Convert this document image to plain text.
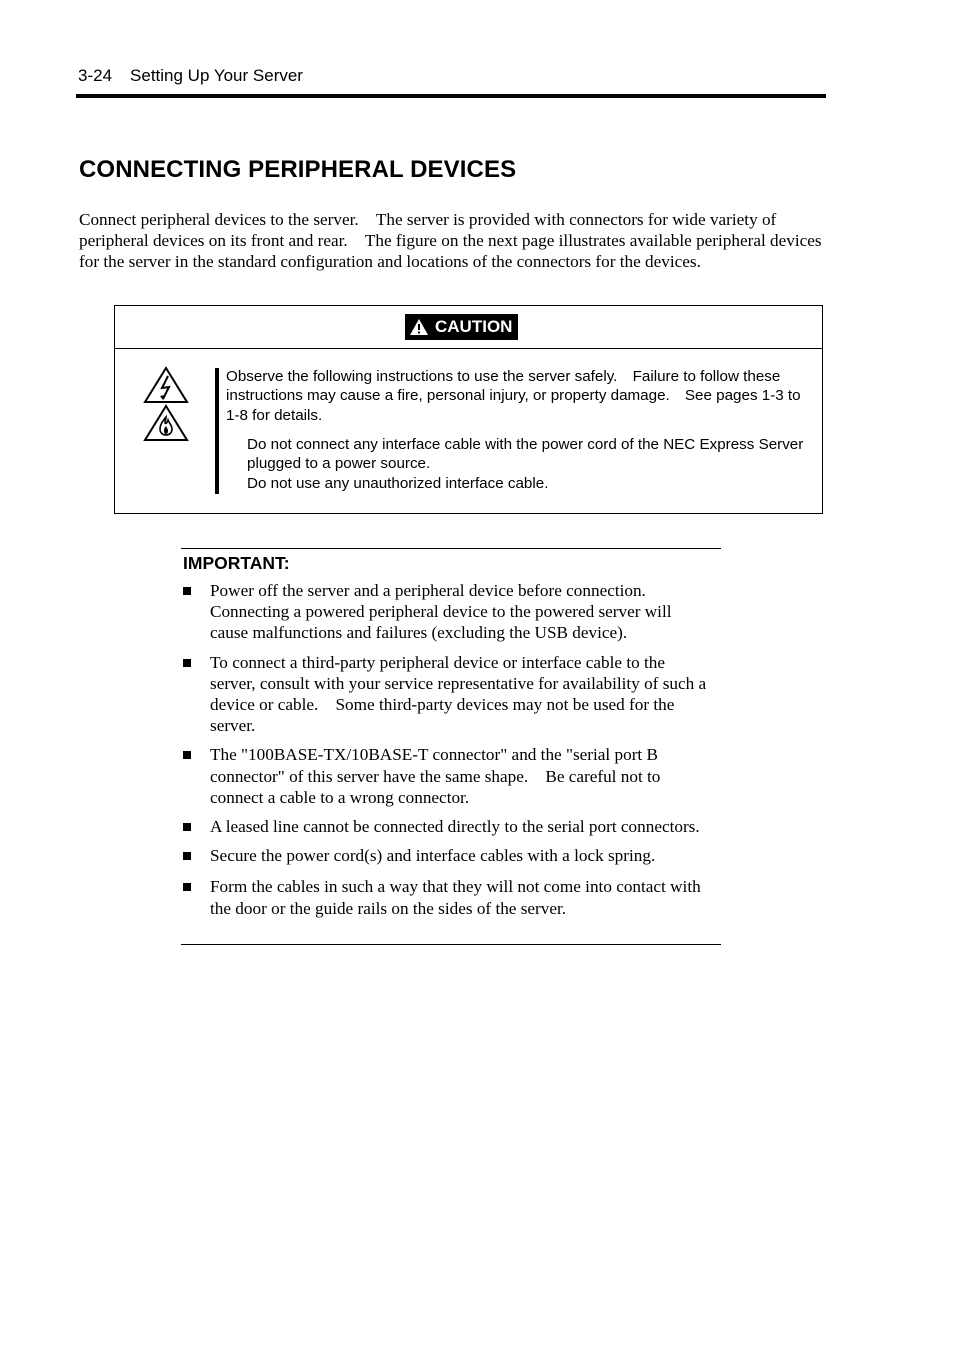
3-24 Setting Up Your Server
CONNECTING PERIPHERAL DEVICES

Connect peripheral devices to the server. The server is provided with connectors for wide variety of peripheral devices on its front and rear. The figure on the next page illustrates available peripheral devices for the server in the standard configuration and locations of the connectors for the devices.

CAUTION

Observe the following instructions to use the server safely. Failure to follow these instructions may cause a fire, personal injury, or property damage. See pages 1-3 to 1-8 for details.

Do not connect any interface cable with the power cord of the NEC Express Server plugged to a power source.
Do not use any unauthorized interface cable.
IMPORTANT:
Power off the server and a peripheral device before connection. Connecting a powered peripheral device to the powered server will cause malfunctions and failures (excluding the USB device).
To connect a third-party peripheral device or interface cable to the server, consult with your service representative for availability of such a device or cable. Some third-party devices may not be used for the server.
The "100BASE-TX/10BASE-T connector" and the "serial port B connector" of this server have the same shape. Be careful not to connect a cable to a wrong connector.
A leased line cannot be connected directly to the serial port connectors.
Secure the power cord(s) and interface cables with a lock spring.
Form the cables in such a way that they will not come into contact with the door or the guide rails on the sides of the server.
